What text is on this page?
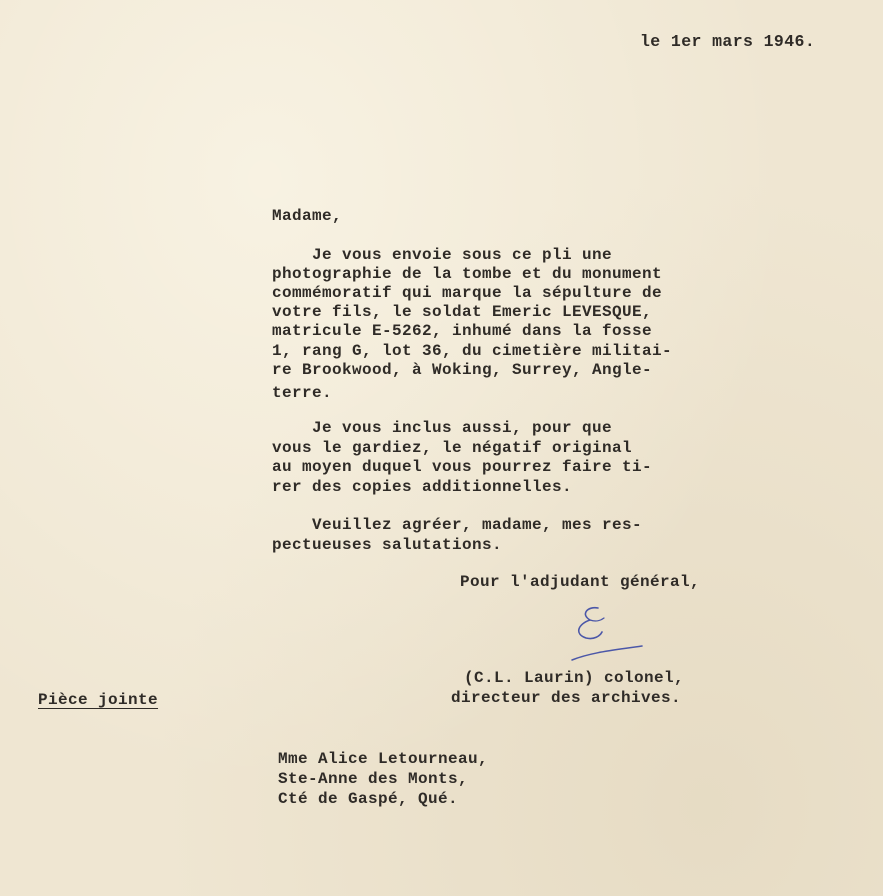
le 1er mars 1946.
Madame,
Je vous envoie sous ce pli une
photographie de la tombe et du monument
commémoratif qui marque la sépulture de
votre fils, le soldat Emeric LEVESQUE,
matricule E-5262, inhumé dans la fosse
1, rang G, lot 36, du cimetière militai-
re Brookwood, à Woking, Surrey, Angle-
terre.
Je vous inclus aussi, pour que
vous le gardiez, le négatif original
au moyen duquel vous pourrez faire ti-
rer des copies additionnelles.
Veuillez agréer, madame, mes res-
pectueuses salutations.
Pour l'adjudant général,
(C.L. Laurin) colonel,
directeur des archives.
Pièce jointe
Mme Alice Letourneau,
Ste-Anne des Monts,
Cté de Gaspé, Qué.
